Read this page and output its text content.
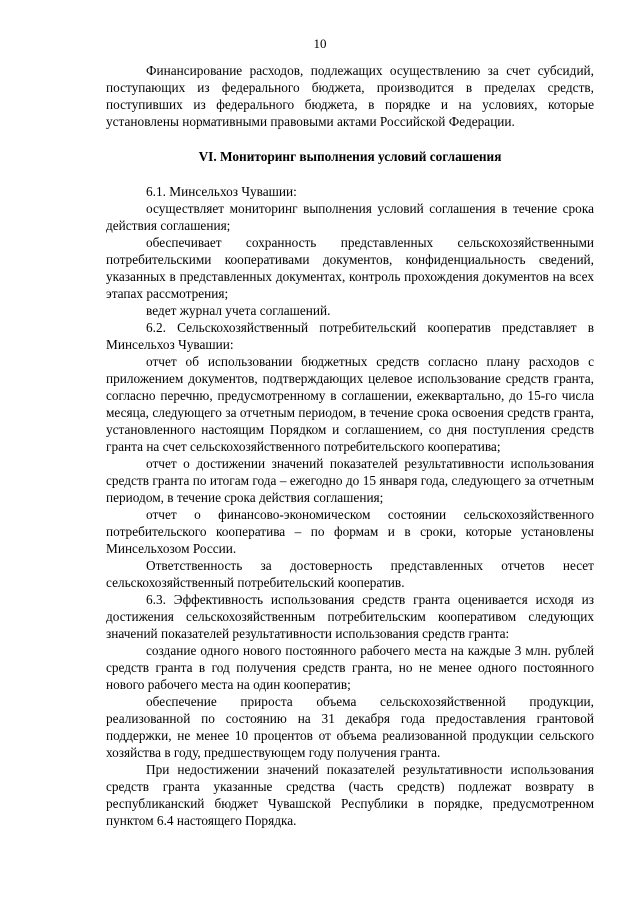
10

Финансирование расходов, подлежащих осуществлению за счет субсидий, поступающих из федерального бюджета, производится в пределах средств, поступивших из федерального бюджета, в порядке и на условиях, которые установлены нормативными правовыми актами Российской Федерации.

VI. Мониторинг выполнения условий соглашения

6.1. Минсельхоз Чувашии:

осуществляет мониторинг выполнения условий соглашения в течение срока действия соглашения;

обеспечивает сохранность представленных сельскохозяйственными потребительскими кооперативами документов, конфиденциальность сведений, указанных в представленных документах, контроль прохождения документов на всех этапах рассмотрения;

ведет журнал учета соглашений.

6.2. Сельскохозяйственный потребительский кооператив представляет в Минсельхоз Чувашии:

отчет об использовании бюджетных средств согласно плану расходов с приложением документов, подтверждающих целевое использование средств гранта, согласно перечню, предусмотренному в соглашении, ежеквартально, до 15-го числа месяца, следующего за отчетным периодом, в течение срока освоения средств гранта, установленного настоящим Порядком и соглашением, со дня поступления средств гранта на счет сельскохозяйственного потребительского кооператива;

отчет о достижении значений показателей результативности использования средств гранта по итогам года – ежегодно до 15 января года, следующего за отчетным периодом, в течение срока действия соглашения;

отчет о финансово-экономическом состоянии сельскохозяйственного потребительского кооператива – по формам и в сроки, которые установлены Минсельхозом России.

Ответственность за достоверность представленных отчетов несет сельскохозяйственный потребительский кооператив.

6.3. Эффективность использования средств гранта оценивается исходя из достижения сельскохозяйственным потребительским кооперативом следующих значений показателей результативности использования средств гранта:

создание одного нового постоянного рабочего места на каждые 3 млн. рублей средств гранта в год получения средств гранта, но не менее одного постоянного нового рабочего места на один кооператив;

обеспечение прироста объема сельскохозяйственной продукции, реализованной по состоянию на 31 декабря года предоставления грантовой поддержки, не менее 10 процентов от объема реализованной продукции сельского хозяйства в году, предшествующем году получения гранта.

При недостижении значений показателей результативности использования средств гранта указанные средства (часть средств) подлежат возврату в республиканский бюджет Чувашской Республики в порядке, предусмотренном пунктом 6.4 настоящего Порядка.
